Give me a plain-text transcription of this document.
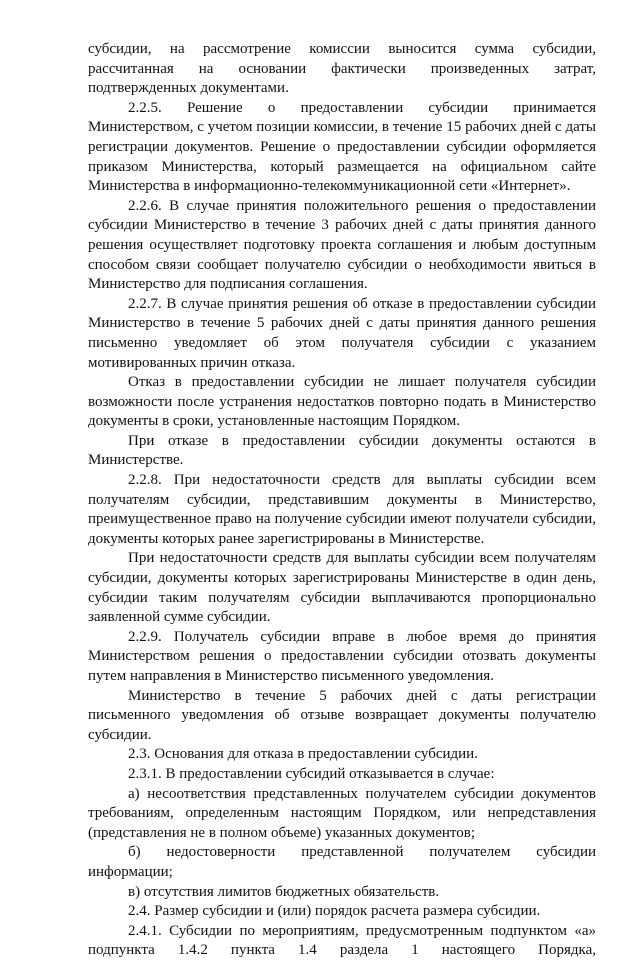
субсидии, на рассмотрение комиссии выносится сумма субсидии, рассчитанная на основании фактически произведенных затрат, подтвержденных документами.

2.2.5. Решение о предоставлении субсидии принимается Министерством, с учетом позиции комиссии, в течение 15 рабочих дней с даты регистрации документов. Решение о предоставлении субсидии оформляется приказом Министерства, который размещается на официальном сайте Министерства в информационно-телекоммуникационной сети «Интернет».

2.2.6. В случае принятия положительного решения о предоставлении субсидии Министерство в течение 3 рабочих дней с даты принятия данного решения осуществляет подготовку проекта соглашения и любым доступным способом связи сообщает получателю субсидии о необходимости явиться в Министерство для подписания соглашения.

2.2.7. В случае принятия решения об отказе в предоставлении субсидии Министерство в течение 5 рабочих дней с даты принятия данного решения письменно уведомляет об этом получателя субсидии с указанием мотивированных причин отказа.

Отказ в предоставлении субсидии не лишает получателя субсидии возможности после устранения недостатков повторно подать в Министерство документы в сроки, установленные настоящим Порядком.

При отказе в предоставлении субсидии документы остаются в Министерстве.

2.2.8. При недостаточности средств для выплаты субсидии всем получателям субсидии, представившим документы в Министерство, преимущественное право на получение субсидии имеют получатели субсидии, документы которых ранее зарегистрированы в Министерстве.

При недостаточности средств для выплаты субсидии всем получателям субсидии, документы которых зарегистрированы Министерстве в один день, субсидии таким получателям субсидии выплачиваются пропорционально заявленной сумме субсидии.

2.2.9. Получатель субсидии вправе в любое время до принятия Министерством решения о предоставлении субсидии отозвать документы путем направления в Министерство письменного уведомления.

Министерство в течение 5 рабочих дней с даты регистрации письменного уведомления об отзыве возвращает документы получателю субсидии.

2.3. Основания для отказа в предоставлении субсидии.

2.3.1. В предоставлении субсидий отказывается в случае:

а) несоответствия представленных получателем субсидии документов требованиям, определенным настоящим Порядком, или непредставления (представления не в полном объеме) указанных документов;

б) недостоверности представленной получателем субсидии информации;

в) отсутствия лимитов бюджетных обязательств.

2.4. Размер субсидии и (или) порядок расчета размера субсидии.

2.4.1. Субсидии по мероприятиям, предусмотренным подпунктом «а» подпункта 1.4.2 пункта 1.4 раздела 1 настоящего Порядка,
